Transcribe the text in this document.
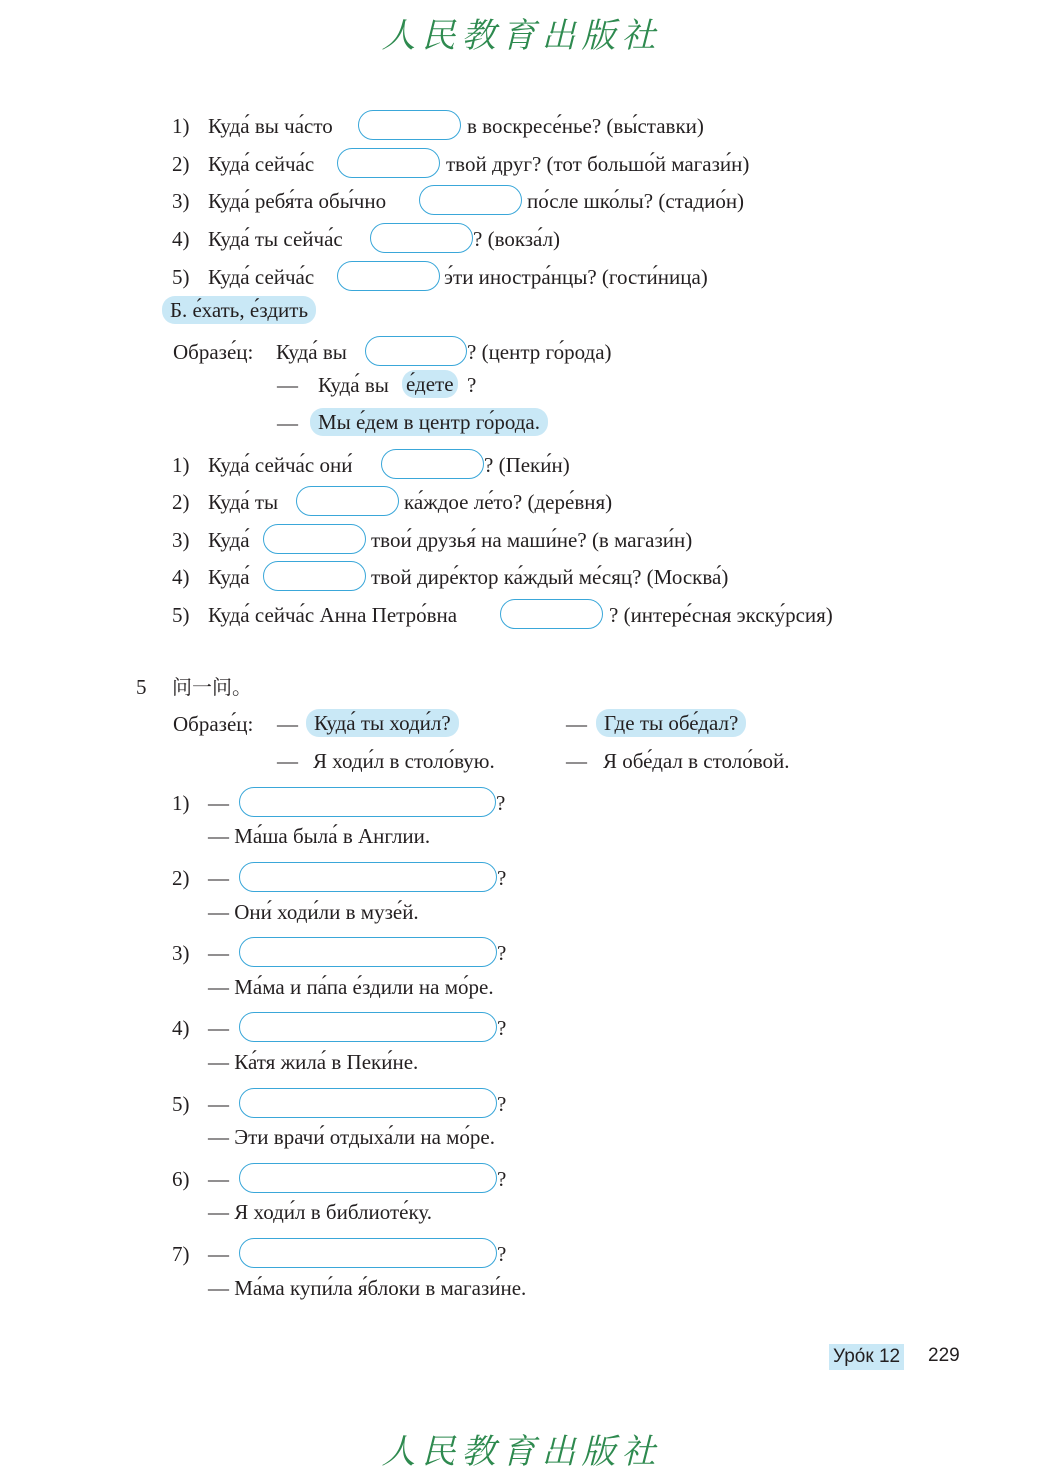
人民教育出版社
1) Куда́ вы ча́сто	в воскресе́нье? (вы́ставки)
2) Куда́ сейча́с	твой друг? (тот большо́й магази́н)
3) Куда́ ребя́та обы́чно	по́сле шко́лы? (стадио́н)
4) Куда́ ты сейча́с	? (вокза́л)
5) Куда́ сейча́с	э́ти иностра́нцы? (гости́ница)
Б. е́хать, е́здить
Образе́ц: Куда́ вы	? (центр го́рода)
— Куда́ вы е́дете ?
— Мы е́дем в центр го́рода.
1) Куда́ сейча́с они́	? (Пеки́н)
2) Куда́ ты	ка́ждое ле́то? (дере́вня)
3) Куда́	твои́ друзья́ на маши́не? (в магази́н)
4) Куда́	твой дире́ктор ка́ждый ме́сяц? (Москва́)
5) Куда́ сейча́с Анна Петро́вна	? (интере́сная экску́рсия)
5 问一问。
Образе́ц: — Куда́ ты ходи́л?	— Где ты обе́дал?
— Я ходи́л в столо́вую.	— Я обе́дал в столо́вой.
1) —	?
— Ма́ша была́ в Англии.
2) —	?
— Они́ ходи́ли в музе́й.
3) —	?
— Ма́ма и па́па е́здили на мо́ре.
4) —	?
— Ка́тя жила́ в Пеки́не.
5) —	?
— Эти врачи́ отдыха́ли на мо́ре.
6) —	?
— Я ходи́л в библиоте́ку.
7) —	?
— Ма́ма купи́ла я́блоки в магази́не.
Уро́к 12 229
人民教育出版社
